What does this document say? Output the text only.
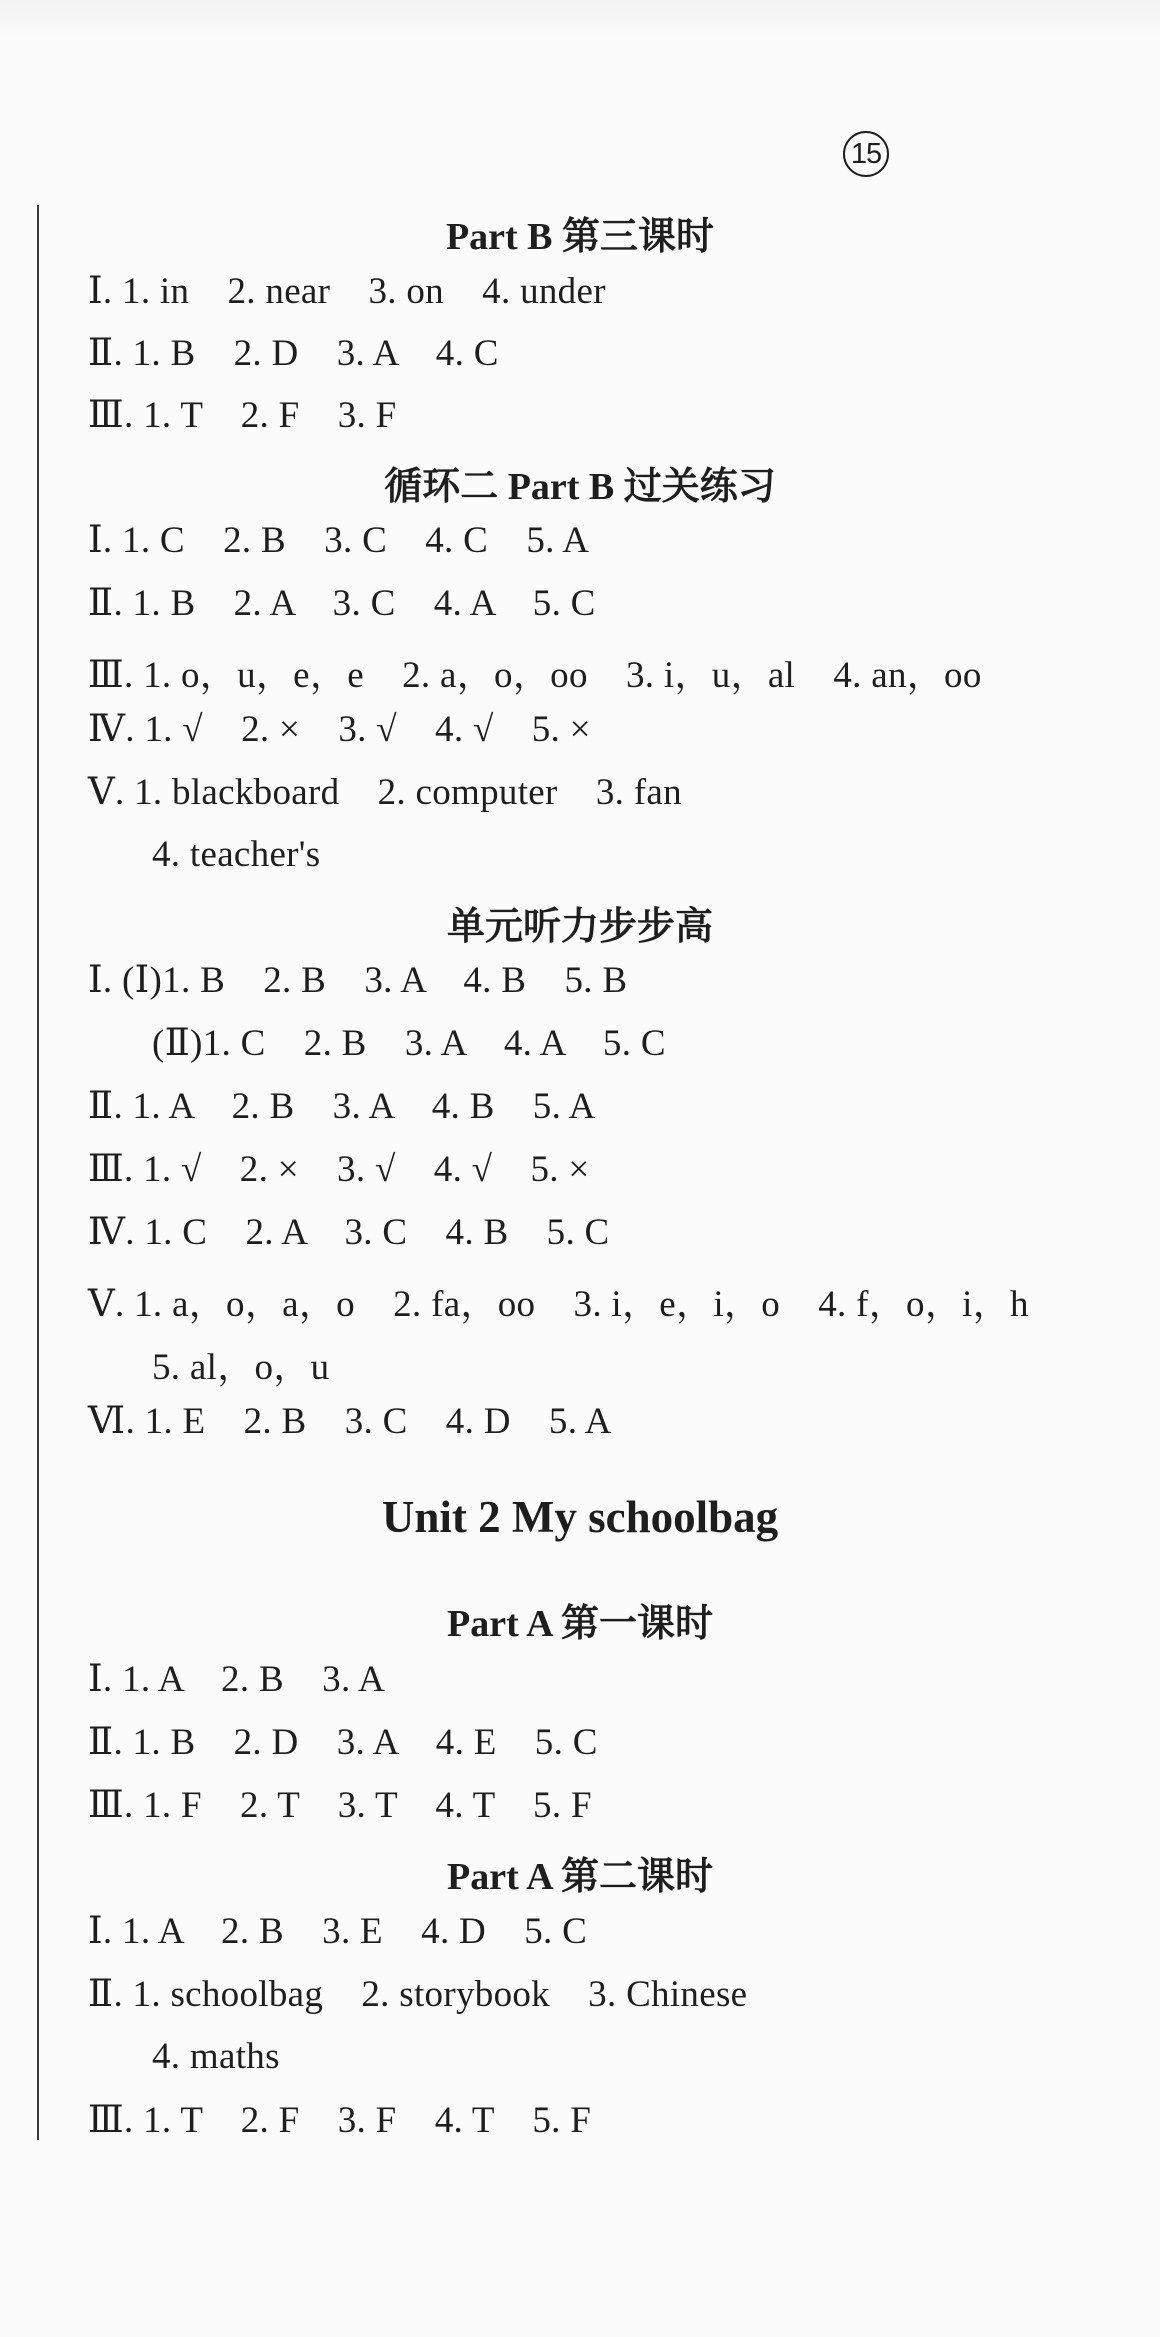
15
Part B 第三课时
Ⅰ. 1. in    2. near    3. on    4. under
Ⅱ. 1. B    2. D    3. A    4. C
Ⅲ. 1. T    2. F    3. F
循环二 Part B 过关练习
Ⅰ. 1. C    2. B    3. C    4. C    5. A
Ⅱ. 1. B    2. A    3. C    4. A    5. C
Ⅲ. 1. o，u，e，e    2. a，o，oo    3. i，u，al    4. an，oo
Ⅳ. 1. √    2. ×    3. √    4. √    5. ×
Ⅴ. 1. blackboard    2. computer    3. fan
4. teacher's
单元听力步步高
Ⅰ. (Ⅰ)1. B    2. B    3. A    4. B    5. B
(Ⅱ)1. C    2. B    3. A    4. A    5. C
Ⅱ. 1. A    2. B    3. A    4. B    5. A
Ⅲ. 1. √    2. ×    3. √    4. √    5. ×
Ⅳ. 1. C    2. A    3. C    4. B    5. C
Ⅴ. 1. a，o，a，o    2. fa，oo    3. i，e，i，o    4. f，o，i，h
5. al，o，u
Ⅵ. 1. E    2. B    3. C    4. D    5. A
Unit 2 My schoolbag
Part A 第一课时
Ⅰ. 1. A    2. B    3. A
Ⅱ. 1. B    2. D    3. A    4. E    5. C
Ⅲ. 1. F    2. T    3. T    4. T    5. F
Part A 第二课时
Ⅰ. 1. A    2. B    3. E    4. D    5. C
Ⅱ. 1. schoolbag    2. storybook    3. Chinese
4. maths
Ⅲ. 1. T    2. F    3. F    4. T    5. F
